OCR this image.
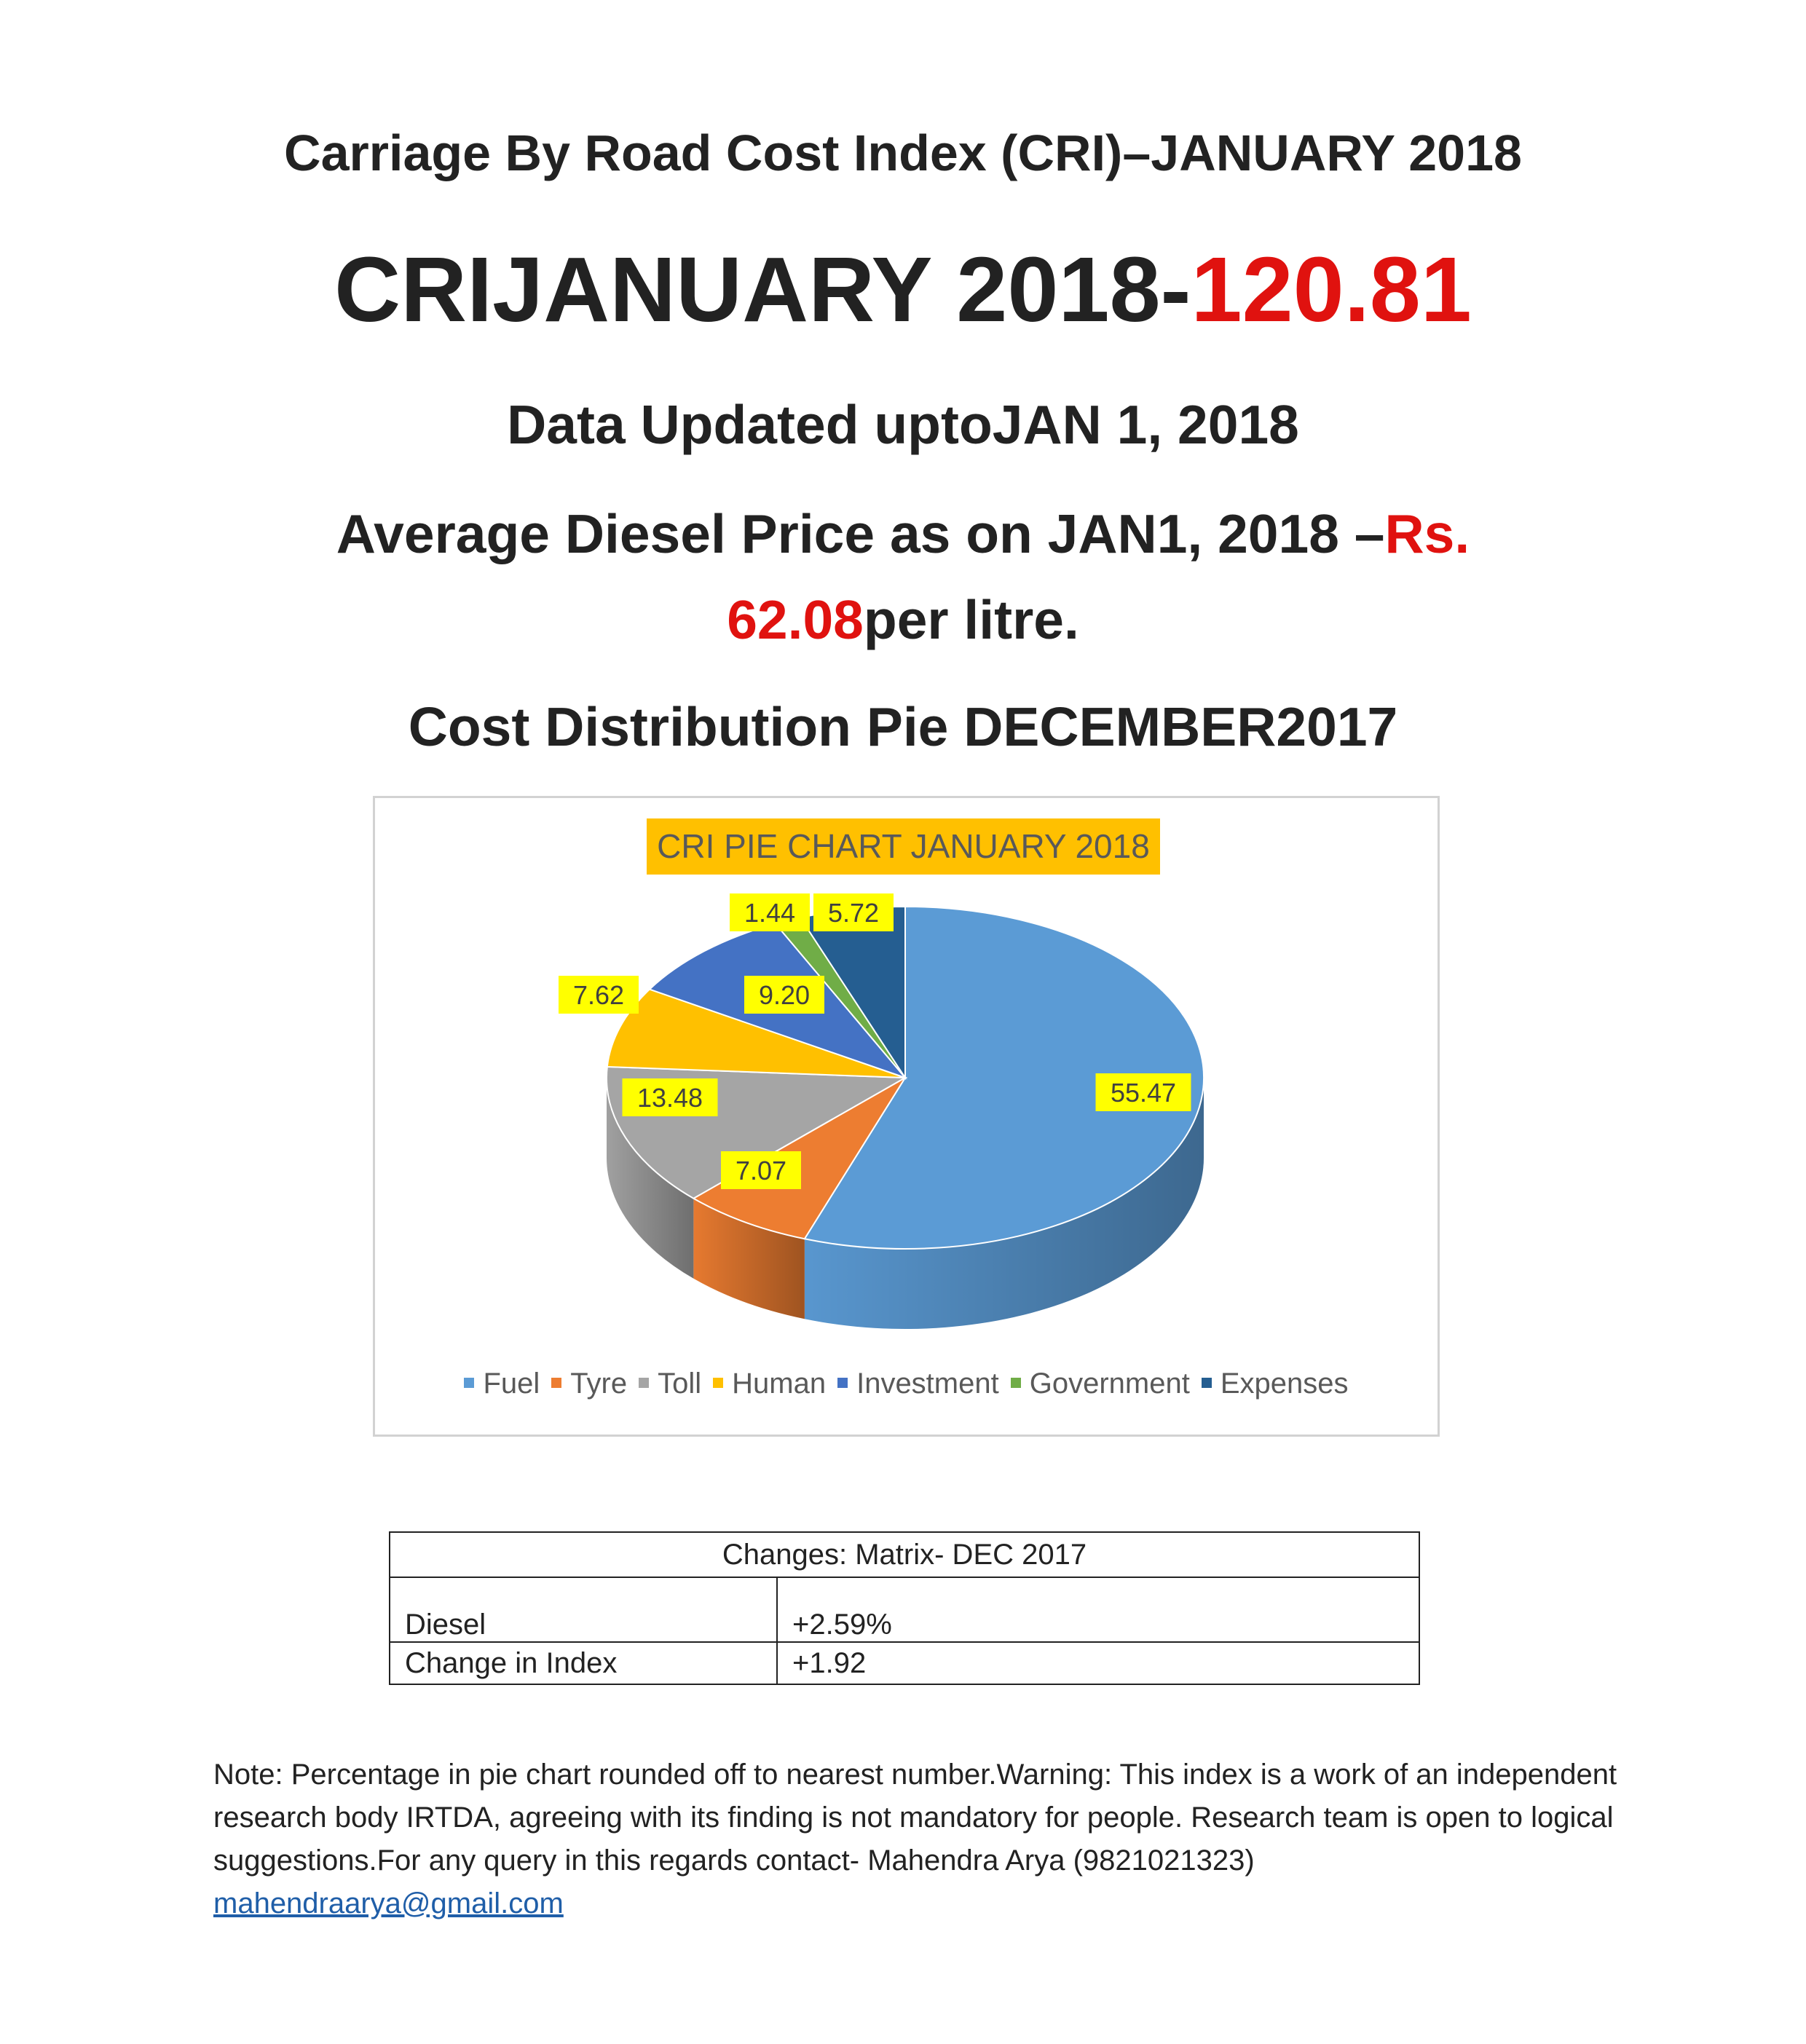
Carriage By Road Cost Index (CRI)–JANUARY 2018
CRIJANUARY 2018-120.81
Data Updated uptoJAN 1, 2018
Average Diesel Price as on JAN1, 2018 –Rs.
62.08per litre.
Cost Distribution Pie DECEMBER2017
CRI PIE CHART JANUARY 2018
55.47
7.07
13.48
7.62	9.20
1.44 5.72
Fuel Tyre Toll Human Investment Government Expenses
Changes: Matrix- DEC 2017	
Diesel	+2.59%
Change in Index	+1.92

Note: Percentage in pie chart rounded off to nearest number.Warning: This index is a work of an independent research body IRTDA, agreeing with its finding is not mandatory for people. Research team is open to logical suggestions.For any query in this regards contact- Mahendra Arya (9821021323)

mahendraarya@gmail.com
